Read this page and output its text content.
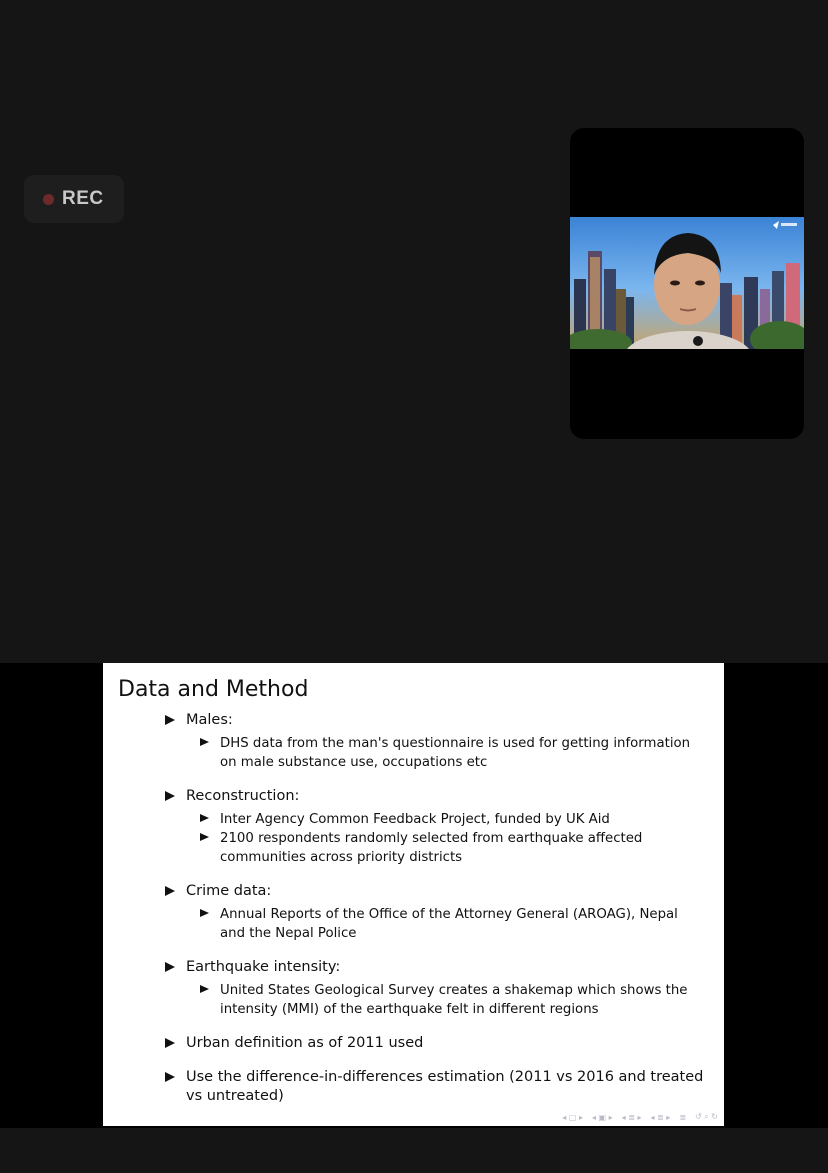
REC
Data and Method
Males:
DHS data from the man's questionnaire is used for getting information on male substance use, occupations etc
Reconstruction:
Inter Agency Common Feedback Project, funded by UK Aid
2100 respondents randomly selected from earthquake affected communities across priority districts
Crime data:
Annual Reports of the Office of the Attorney General (AROAG), Nepal and the Nepal Police
Earthquake intensity:
United States Geological Survey creates a shakemap which shows the intensity (MMI) of the earthquake felt in different regions
Urban definition as of 2011 used
Use the difference-in-differences estimation (2011 vs 2016 and treated vs untreated)
◂ ▢ ▸ ◂ ▣ ▸ ◂ ≣ ▸ ◂ ≣ ▸ ≣ ↺ ⌕ ↻
